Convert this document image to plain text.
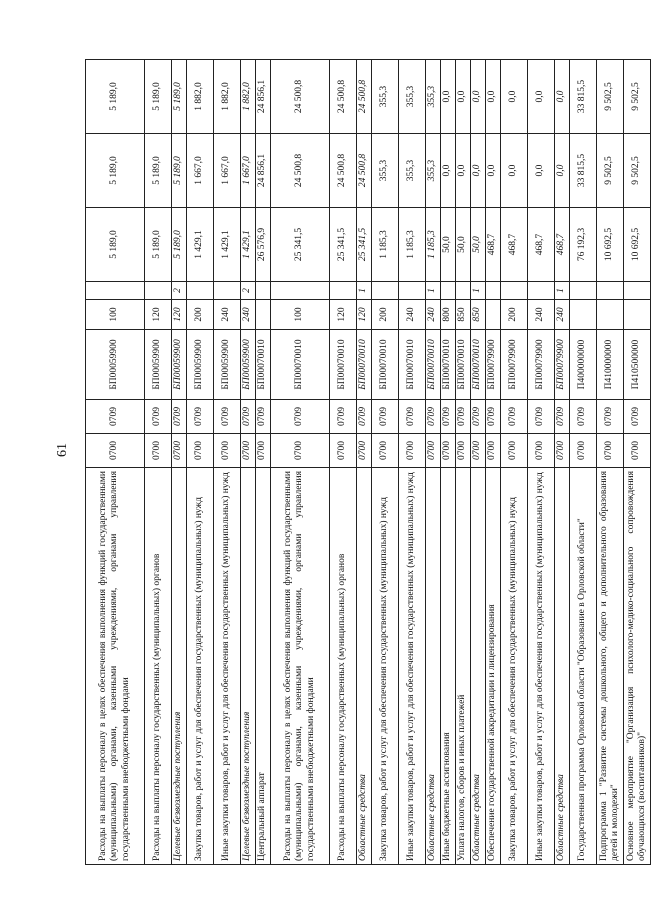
61
Расходы на выплаты персоналу в целях обеспечения выполнения функций государственными (муниципальными) органами, казенными учреждениями, органами управления государственными внебюджетными фондами	0700	0709	БП00059900	100		5 189,0	5 189,0	5 189,0
Расходы на выплаты персоналу государственных (муниципальных) органов	0700	0709	БП00059900	120		5 189,0	5 189,0	5 189,0
Целевые безвозмездные поступления	0700	0709	БП00059900	120	2	5 189,0	5 189,0	5 189,0
Закупка товаров, работ и услуг для обеспечения государственных (муниципальных) нужд	0700	0709	БП00059900	200		1 429,1	1 667,0	1 882,0
Иные закупки товаров, работ и услуг для обеспечения государственных (муниципальных) нужд	0700	0709	БП00059900	240		1 429,1	1 667,0	1 882,0
Целевые безвозмездные поступления	0700	0709	БП00059900	240	2	1 429,1	1 667,0	1 882,0
Центральный аппарат	0700	0709	БП00070010			26 576,9	24 856,1	24 856,1
Расходы на выплаты персоналу в целях обеспечения выполнения функций государственными (муниципальными) органами, казенными учреждениями, органами управления государственными внебюджетными фондами	0700	0709	БП00070010	100		25 341,5	24 500,8	24 500,8
Расходы на выплаты персоналу государственных (муниципальных) органов	0700	0709	БП00070010	120		25 341,5	24 500,8	24 500,8
Областные средства	0700	0709	БП00070010	120	1	25 341,5	24 500,8	24 500,8
Закупка товаров, работ и услуг для обеспечения государственных (муниципальных) нужд	0700	0709	БП00070010	200		1 185,3	355,3	355,3
Иные закупки товаров, работ и услуг для обеспечения государственных (муниципальных) нужд	0700	0709	БП00070010	240		1 185,3	355,3	355,3
Областные средства	0700	0709	БП00070010	240	1	1 185,3	355,3	355,3
Иные бюджетные ассигнования	0700	0709	БП00070010	800		50,0	0,0	0,0
Уплата налогов, сборов и иных платежей	0700	0709	БП00070010	850		50,0	0,0	0,0
Областные средства	0700	0709	БП00070010	850	1	50,0	0,0	0,0
Обеспечение государственной аккредитации и лицензирования	0700	0709	БП00079900			468,7	0,0	0,0
Закупка товаров, работ и услуг для обеспечения государственных (муниципальных) нужд	0700	0709	БП00079900	200		468,7	0,0	0,0
Иные закупки товаров, работ и услуг для обеспечения государственных (муниципальных) нужд	0700	0709	БП00079900	240		468,7	0,0	0,0
Областные средства	0700	0709	БП00079900	240	1	468,7	0,0	0,0
Государственная программа Орловской области "Образование в Орловской области"	0700	0709	П400000000			76 192,3	33 815,5	33 815,5
Подпрограмма 1 "Развитие системы дошкольного, общего и дополнительного образования детей и молодежи"	0700	0709	П410000000			10 692,5	9 502,5	9 502,5
Основное мероприятие "Организация психолого-медико-социального сопровождения обучающихся (воспитанников)"	0700	0709	П410500000			10 692,5	9 502,5	9 502,5
